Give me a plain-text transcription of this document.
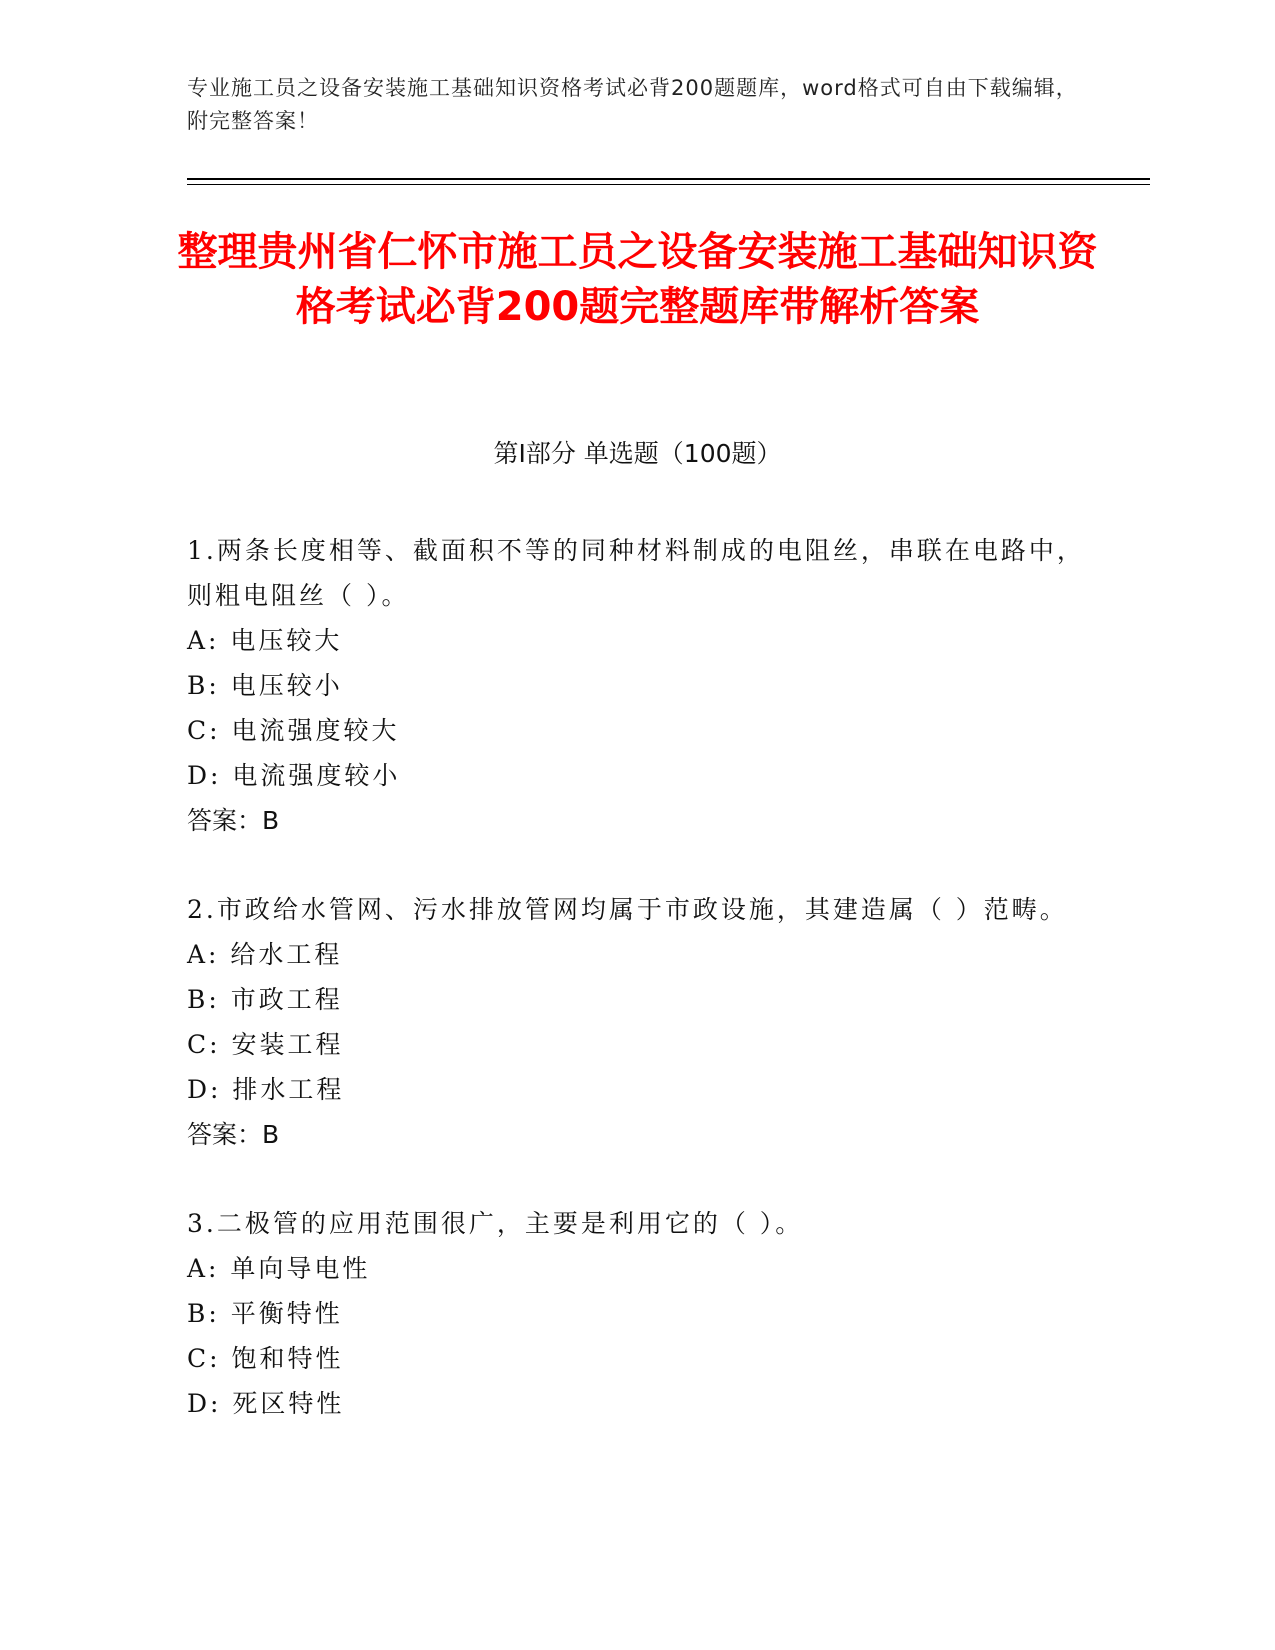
专业施工员之设备安装施工基础知识资格考试必背200题题库，word格式可自由下载编辑，附完整答案！
整理贵州省仁怀市施工员之设备安装施工基础知识资格考试必背200题完整题库带解析答案
第I部分 单选题（100题）
1.两条长度相等、截面积不等的同种材料制成的电阻丝，串联在电路中，则粗电阻丝（ ）。
A: 电压较大
B: 电压较小
C: 电流强度较大
D: 电流强度较小
答案：B
2.市政给水管网、污水排放管网均属于市政设施，其建造属（ ）范畴。
A: 给水工程
B: 市政工程
C: 安装工程
D: 排水工程
答案：B
3.二极管的应用范围很广，主要是利用它的（ ）。
A: 单向导电性
B: 平衡特性
C: 饱和特性
D: 死区特性
